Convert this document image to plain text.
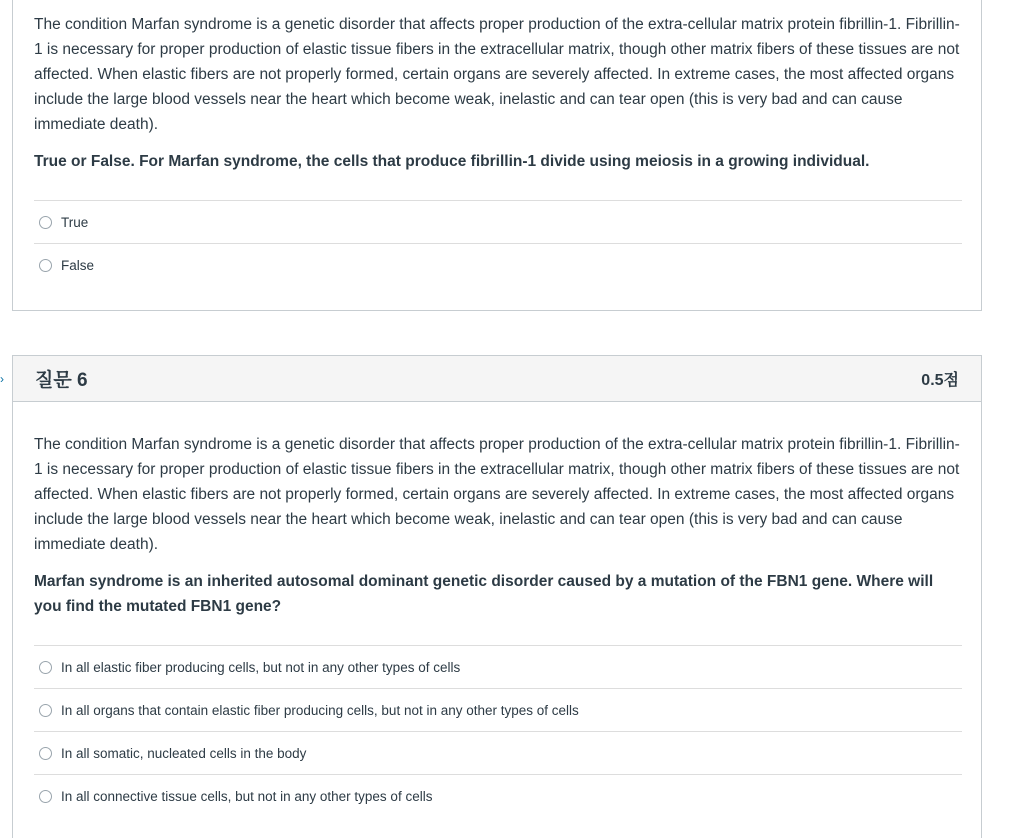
›

The condition Marfan syndrome is a genetic disorder that affects proper production of the extra-cellular matrix protein fibrillin-1. Fibrillin-1 is necessary for proper production of elastic tissue fibers in the extracellular matrix, though other matrix fibers of these tissues are not affected. When elastic fibers are not properly formed, certain organs are severely affected. In extreme cases, the most affected organs include the large blood vessels near the heart which become weak, inelastic and can tear open (this is very bad and can cause immediate death).

True or False. For Marfan syndrome, the cells that produce fibrillin-1 divide using meiosis in a growing individual.

True
False
질문 6	0.5점

The condition Marfan syndrome is a genetic disorder that affects proper production of the extra-cellular matrix protein fibrillin-1. Fibrillin-1 is necessary for proper production of elastic tissue fibers in the extracellular matrix, though other matrix fibers of these tissues are not affected. When elastic fibers are not properly formed, certain organs are severely affected. In extreme cases, the most affected organs include the large blood vessels near the heart which become weak, inelastic and can tear open (this is very bad and can cause immediate death).

Marfan syndrome is an inherited autosomal dominant genetic disorder caused by a mutation of the FBN1 gene. Where will you find the mutated FBN1 gene?

In all elastic fiber producing cells, but not in any other types of cells
In all organs that contain elastic fiber producing cells, but not in any other types of cells
In all somatic, nucleated cells in the body
In all connective tissue cells, but not in any other types of cells
